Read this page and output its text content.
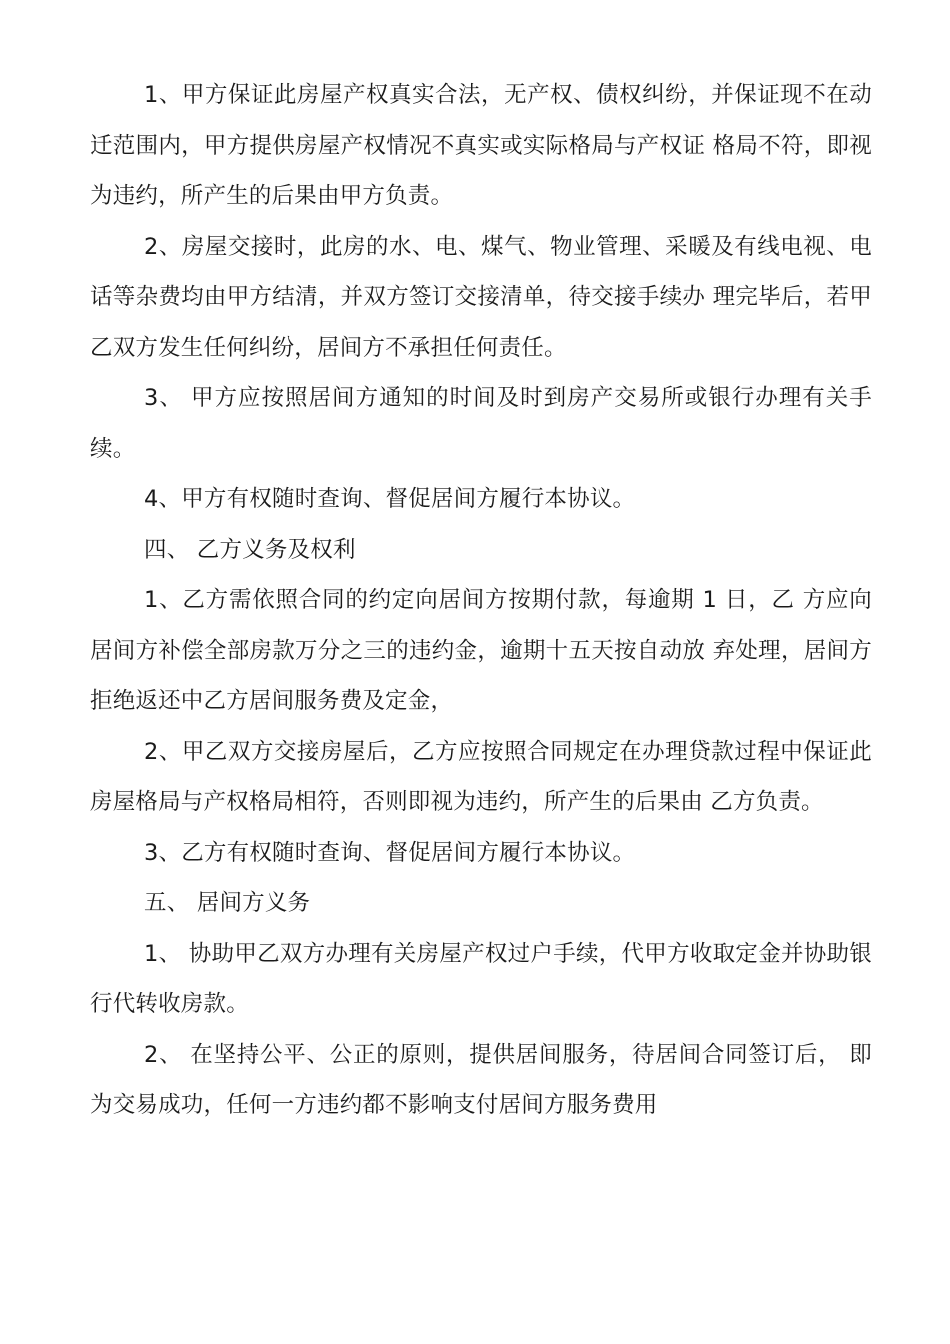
1、甲方保证此房屋产权真实合法，无产权、债权纠纷，并保证现不在动迁范围内，甲方提供房屋产权情况不真实或实际格局与产权证 格局不符，即视为违约，所产生的后果由甲方负责。

2、房屋交接时，此房的水、电、煤气、物业管理、采暖及有线电视、电话等杂费均由甲方结清，并双方签订交接清单，待交接手续办 理完毕后，若甲乙双方发生任何纠纷，居间方不承担任何责任。

3、 甲方应按照居间方通知的时间及时到房产交易所或银行办理有关手续。

4、甲方有权随时查询、督促居间方履行本协议。

四、 乙方义务及权利

1、乙方需依照合同的约定向居间方按期付款，每逾期 1 日，乙 方应向居间方补偿全部房款万分之三的违约金，逾期十五天按自动放 弃处理，居间方拒绝返还中乙方居间服务费及定金，

2、甲乙双方交接房屋后，乙方应按照合同规定在办理贷款过程中保证此房屋格局与产权格局相符，否则即视为违约，所产生的后果由 乙方负责。

3、乙方有权随时查询、督促居间方履行本协议。

五、 居间方义务

1、 协助甲乙双方办理有关房屋产权过户手续，代甲方收取定金并协助银行代转收房款。

2、 在坚持公平、公正的原则，提供居间服务，待居间合同签订后， 即为交易成功，任何一方违约都不影响支付居间方服务费用
